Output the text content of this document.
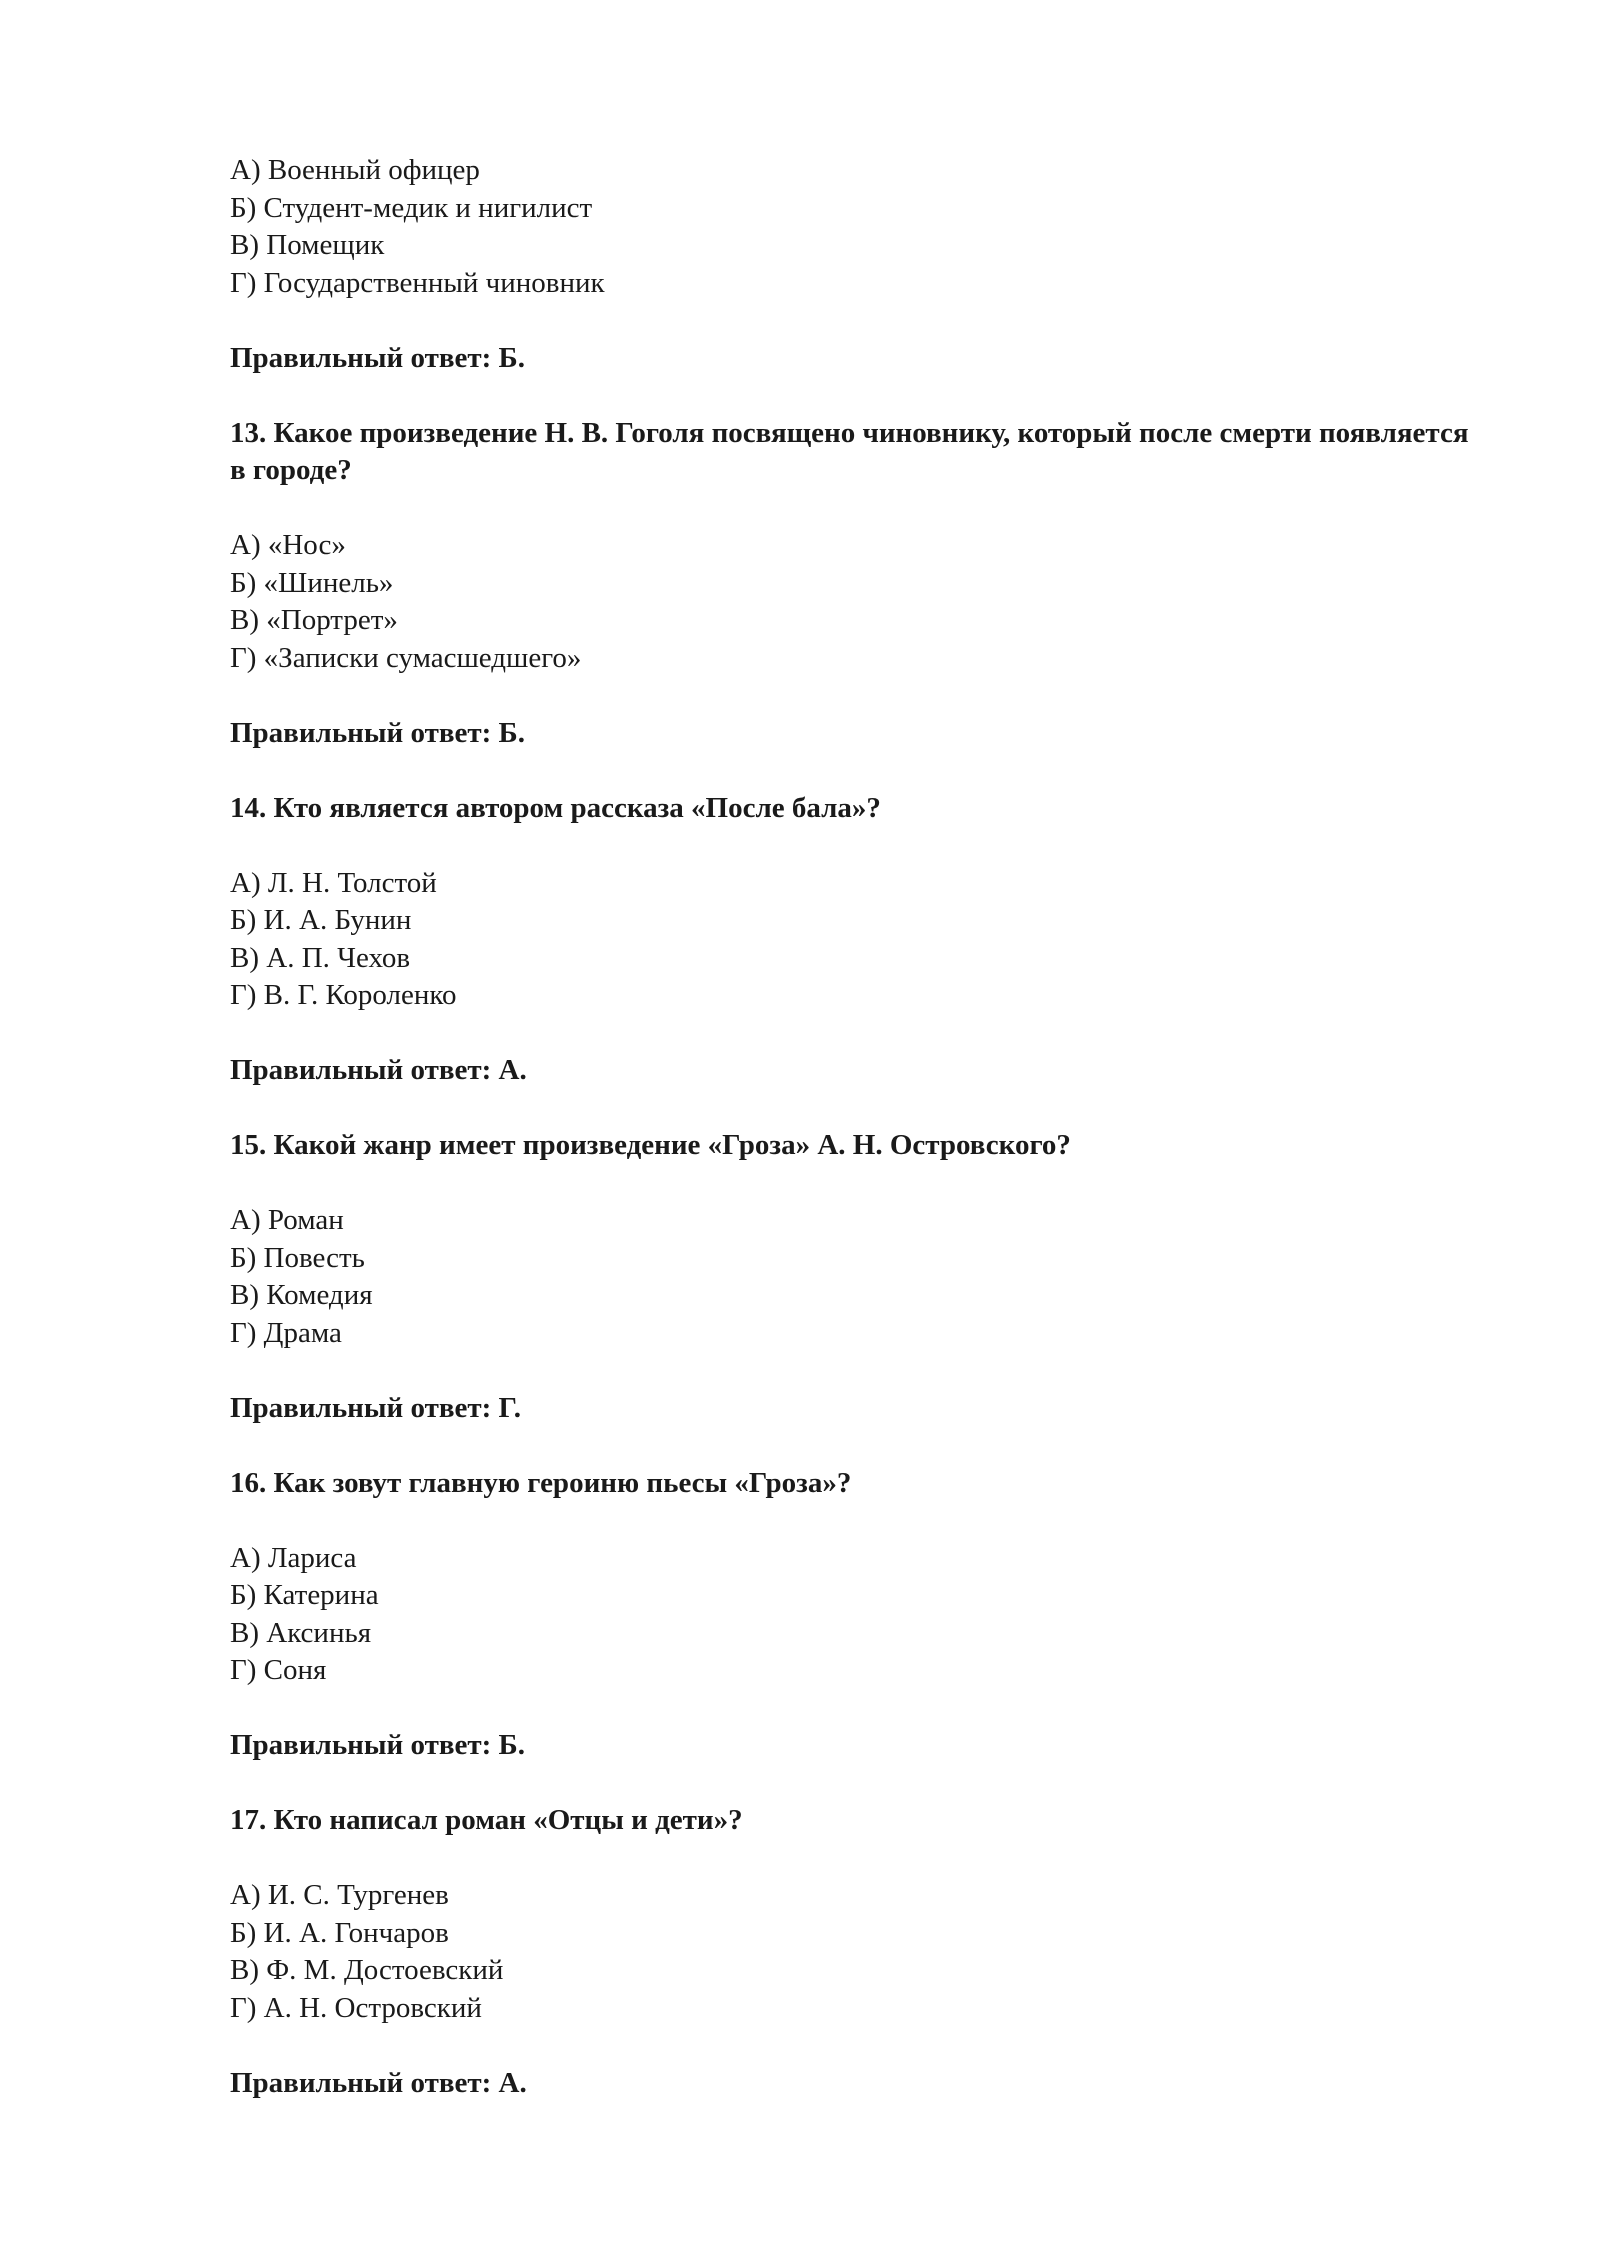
А) Военный офицер
Б) Студент-медик и нигилист
В) Помещик
Г) Государственный чиновник
Правильный ответ: Б.
13. Какое произведение Н. В. Гоголя посвящено чиновнику, который после смерти появляется в городе?
А) «Нос»
Б) «Шинель»
В) «Портрет»
Г) «Записки сумасшедшего»
Правильный ответ: Б.
14. Кто является автором рассказа «После бала»?
А) Л. Н. Толстой
Б) И. А. Бунин
В) А. П. Чехов
Г) В. Г. Короленко
Правильный ответ: А.
15. Какой жанр имеет произведение «Гроза» А. Н. Островского?
А) Роман
Б) Повесть
В) Комедия
Г) Драма
Правильный ответ: Г.
16. Как зовут главную героиню пьесы «Гроза»?
А) Лариса
Б) Катерина
В) Аксинья
Г) Соня
Правильный ответ: Б.
17. Кто написал роман «Отцы и дети»?
А) И. С. Тургенев
Б) И. А. Гончаров
В) Ф. М. Достоевский
Г) А. Н. Островский
Правильный ответ: А.
